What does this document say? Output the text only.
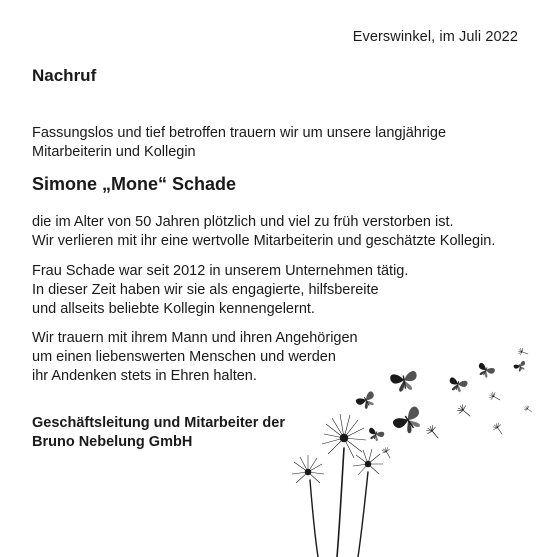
Everswinkel, im Juli 2022
Nachruf
Fassungslos und tief betroffen trauern wir um unsere langjährige
Mitarbeiterin und Kollegin
Simone „Mone“ Schade
die im Alter von 50 Jahren plötzlich und viel zu früh verstorben ist.
Wir verlieren mit ihr eine wertvolle Mitarbeiterin und geschätzte Kollegin.
Frau Schade war seit 2012 in unserem Unternehmen tätig.
In dieser Zeit haben wir sie als engagierte, hilfsbereite
und allseits beliebte Kollegin kennengelernt.
Wir trauern mit ihrem Mann und ihren Angehörigen
um einen liebenswerten Menschen und werden
ihr Andenken stets in Ehren halten.
Geschäftsleitung und Mitarbeiter der
Bruno Nebelung GmbH
